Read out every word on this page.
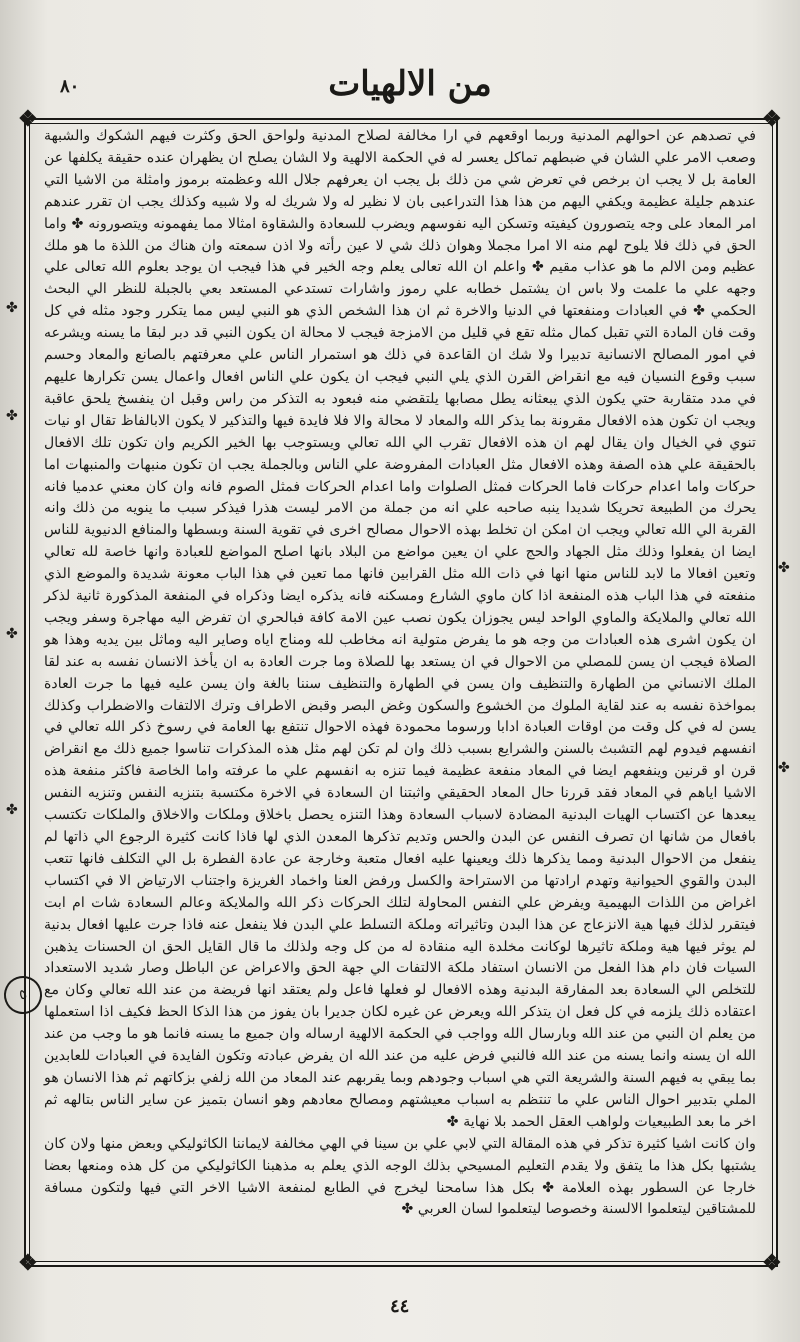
٨٠	من الالهيات
❖	❖
❖	❖
✤
✤
✤
✤
✤
✤
٥

في تصدهم عن احوالهم المدنية وربما اوقعهم في ارا مخالفة لصلاح المدنية ولواحق الحق وكثرت فيهم الشكوك والشبهة وصعب الامر علي الشان في ضبطهم تماكل يعسر له في الحكمة الالهية ولا الشان يصلح ان يظهران عنده حقيقة يكلفها عن العامة بل لا يجب ان برخص في تعرض شي من ذلك بل يجب ان يعرفهم جلال الله وعظمته برموز وامثلة من الاشيا التي عندهم جليلة عظيمة ويكفي اليهم من هذا هذا التدراعبى بان لا نظير له ولا شريك له ولا شبيه وكذلك يجب ان تقرر عندهم امر المعاد على وجه يتصورون كيفيته وتسكن اليه نفوسهم ويضرب للسعادة والشقاوة امثالا مما يفهمونه ويتصورونه ✤ واما الحق في ذلك فلا يلوح لهم منه الا امرا مجملا وهوان ذلك شي لا عين رأته ولا اذن سمعته وان هناك من اللذة ما هو ملك عظيم ومن الالم ما هو عذاب مقيم ✤ واعلم ان الله تعالى يعلم وجه الخير في هذا فيجب ان يوجد بعلوم الله تعالى علي وجهه علي ما علمت ولا باس ان يشتمل خطابه علي رموز واشارات تستدعي المستعد بعي بالجبلة للنظر الي البحث الحكمي ✤ في العبادات ومنفعتها في الدنيا والاخرة ثم ان هذا الشخص الذي هو النبي ليس مما يتكرر وجود مثله في كل وقت فان المادة التي تقبل كمال مثله تقع في قليل من الامزجة فيجب لا محالة ان يكون النبي قد دبر لبقا ما يسنه ويشرعه في امور المصالح الانسانية تدبيرا ولا شك ان القاعدة في ذلك هو استمرار الناس علي معرفتهم بالصانع والمعاد وحسم سبب وقوع النسيان فيه مع انقراض القرن الذي يلي النبي فيجب ان يكون علي الناس افعال واعمال يسن تكرارها عليهم في مدد متقاربة حتي يكون الذي يبعثانه يطل مصابها يلتقضي منه فبعود به التذكر من راس وقبل ان ينفسخ يلحق عاقبة ويجب ان تكون هذه الافعال مقرونة بما يذكر الله والمعاد لا محالة والا فلا فايدة فيها والتذكير لا يكون الابالفاظ تقال او نيات تنوي في الخيال وان يقال لهم ان هذه الافعال تقرب الي الله تعالي ويستوجب بها الخير الكريم وان تكون تلك الافعال بالحقيقة علي هذه الصفة وهذه الافعال مثل العبادات المفروضة علي الناس وبالجملة يجب ان تكون منبهات والمنبهات اما حركات واما اعدام حركات فاما الحركات فمثل الصلوات واما اعدام الحركات فمثل الصوم فانه وان كان معني عدميا فانه يحرك من الطبيعة تحريكا شديدا ينبه صاحبه علي انه من جملة من الامر ليست هذرا فيذكر سبب ما ينويه من ذلك وانه القربة الي الله تعالي ويجب ان امكن ان تخلط بهذه الاحوال مصالح اخرى في تقوية السنة وبسطها والمنافع الدنيوية للناس ايضا ان يفعلوا وذلك مثل الجهاد والحج علي ان يعين مواضع من البلاد بانها اصلح المواضع للعبادة وانها خاصة لله تعالي وتعين افعالا ما لابد للناس منها انها في ذات الله مثل القرابين فانها مما تعين في هذا الباب معونة شديدة والموضع الذي منفعته في هذا الباب هذه المنفعة اذا كان ماوي الشارع ومسكنه فانه يذكره ايضا وذكراه في المنفعة المذكورة ثانية لذكر الله تعالي والملايكة والماوي الواحد ليس يجوزان يكون نصب عين الامة كافة فبالحري ان تفرض اليه مهاجرة وسفر ويجب ان يكون اشرى هذه العبادات من وجه هو ما يفرض متولية انه مخاطب لله ومناج اياه وصاير اليه وماثل بين يديه وهذا هو الصلاة فيجب ان يسن للمصلي من الاحوال في ان يستعد بها للصلاة وما جرت العادة به ان يأخذ الانسان نفسه به عند لقا الملك الانساني من الطهارة والتنظيف وان يسن في الطهارة والتنظيف سننا بالغة وان يسن عليه فيها ما جرت العادة بمواخذة نفسه به عند لقاية الملوك من الخشوع والسكون وغض البصر وقبض الاطراف وترك الالتفات والاضطراب وكذلك يسن له في كل وقت من اوقات العبادة ادابا ورسوما محمودة فهذه الاحوال تنتفع بها العامة في رسوخ ذكر الله تعالي في انفسهم فيدوم لهم التشبث بالسنن والشرايع بسبب ذلك وان لم تكن لهم مثل هذه المذكرات تناسوا جميع ذلك مع انقراض قرن او قرنين وينفعهم ايضا في المعاد منفعة عظيمة فيما تنزه به انفسهم علي ما عرفته واما الخاصة فاكثر منفعة هذه الاشيا اياهم في المعاد فقد قررنا حال المعاد الحقيقي واثبتنا ان السعادة في الاخرة مكتسبة بتنزيه النفس وتنزيه النفس يبعدها عن اكتساب الهيات البدنية المضادة لاسباب السعادة وهذا التنزه يحصل باخلاق وملكات والاخلاق والملكات تكتسب بافعال من شانها ان تصرف النفس عن البدن والحس وتديم تذكرها المعدن الذي لها فاذا كانت كثيرة الرجوع الي ذاتها لم ينفعل من الاحوال البدنية ومما يذكرها ذلك ويعينها عليه افعال متعبة وخارجة عن عادة الفطرة بل الي التكلف فانها تتعب البدن والقوي الحيوانية وتهدم ارادتها من الاستراحة والكسل ورفض العنا واخماد الغريزة واجتناب الارتياض الا في اكتساب اغراض من اللذات البهيمية ويفرض علي النفس المحاولة لتلك الحركات ذكر الله والملايكة وعالم السعادة شات ام ابت فيتقرر لذلك فيها هية الانزعاج عن هذا البدن وتاثيراته وملكة التسلط علي البدن فلا ينفعل عنه فاذا جرت عليها افعال بدنية لم يوثر فيها هية وملكة تاثيرها لوكانت مخلدة اليه منقادة له من كل وجه ولذلك ما قال القايل الحق ان الحسنات يذهبن السيات فان دام هذا الفعل من الانسان استفاد ملكة الالتفات الي جهة الحق والاعراض عن الباطل وصار شديد الاستعداد للتخلص الي السعادة بعد المفارقة البدنية وهذه الافعال لو فعلها فاعل ولم يعتقد انها فريضة من عند الله تعالي وكان مع اعتقاده ذلك يلزمه في كل فعل ان يتذكر الله ويعرض عن غيره لكان جديرا بان يفوز من هذا الذكا الحظ فكيف اذا استعملها من يعلم ان النبي من عند الله وبارسال الله وواجب في الحكمة الالهية ارساله وان جميع ما يسنه فانما هو ما وجب من عند الله ان يسنه وانما يسنه من عند الله فالنبي فرض عليه من عند الله ان يفرض عبادته وتكون الفايدة في العبادات للعابدين بما يبقي به فيهم السنة والشريعة التي هي اسباب وجودهم وبما يقربهم عند المعاد من الله زلفي بزكاتهم ثم هذا الانسان هو الملي بتدبير احوال الناس علي ما تنتظم به اسباب معيشتهم ومصالح معادهم وهو انسان بتميز عن ساير الناس بتالهه ثم اخر ما بعد الطبيعيات ولواهب العقل الحمد بلا نهاية ✤

وان كانت اشيا كثيرة تذكر في هذه المقالة التي لابي علي بن سينا في الهي مخالفة لايماننا الكاثوليكي وبعض منها ولان كان يشتبها بكل هذا ما يتفق ولا يقدم التعليم المسيحي بذلك الوجه الذي يعلم به مذهبنا الكاثوليكي من كل هذه ومنعها بعضا خارجا عن السطور بهذه العلامة ✤ بكل هذا سامحنا ليخرج في الطابع لمنفعة الاشيا الاخر التي فيها ولتكون مسافة للمشتاقين ليتعلموا الالسنة وخصوصا ليتعلموا لسان العربي ✤

٤٤
